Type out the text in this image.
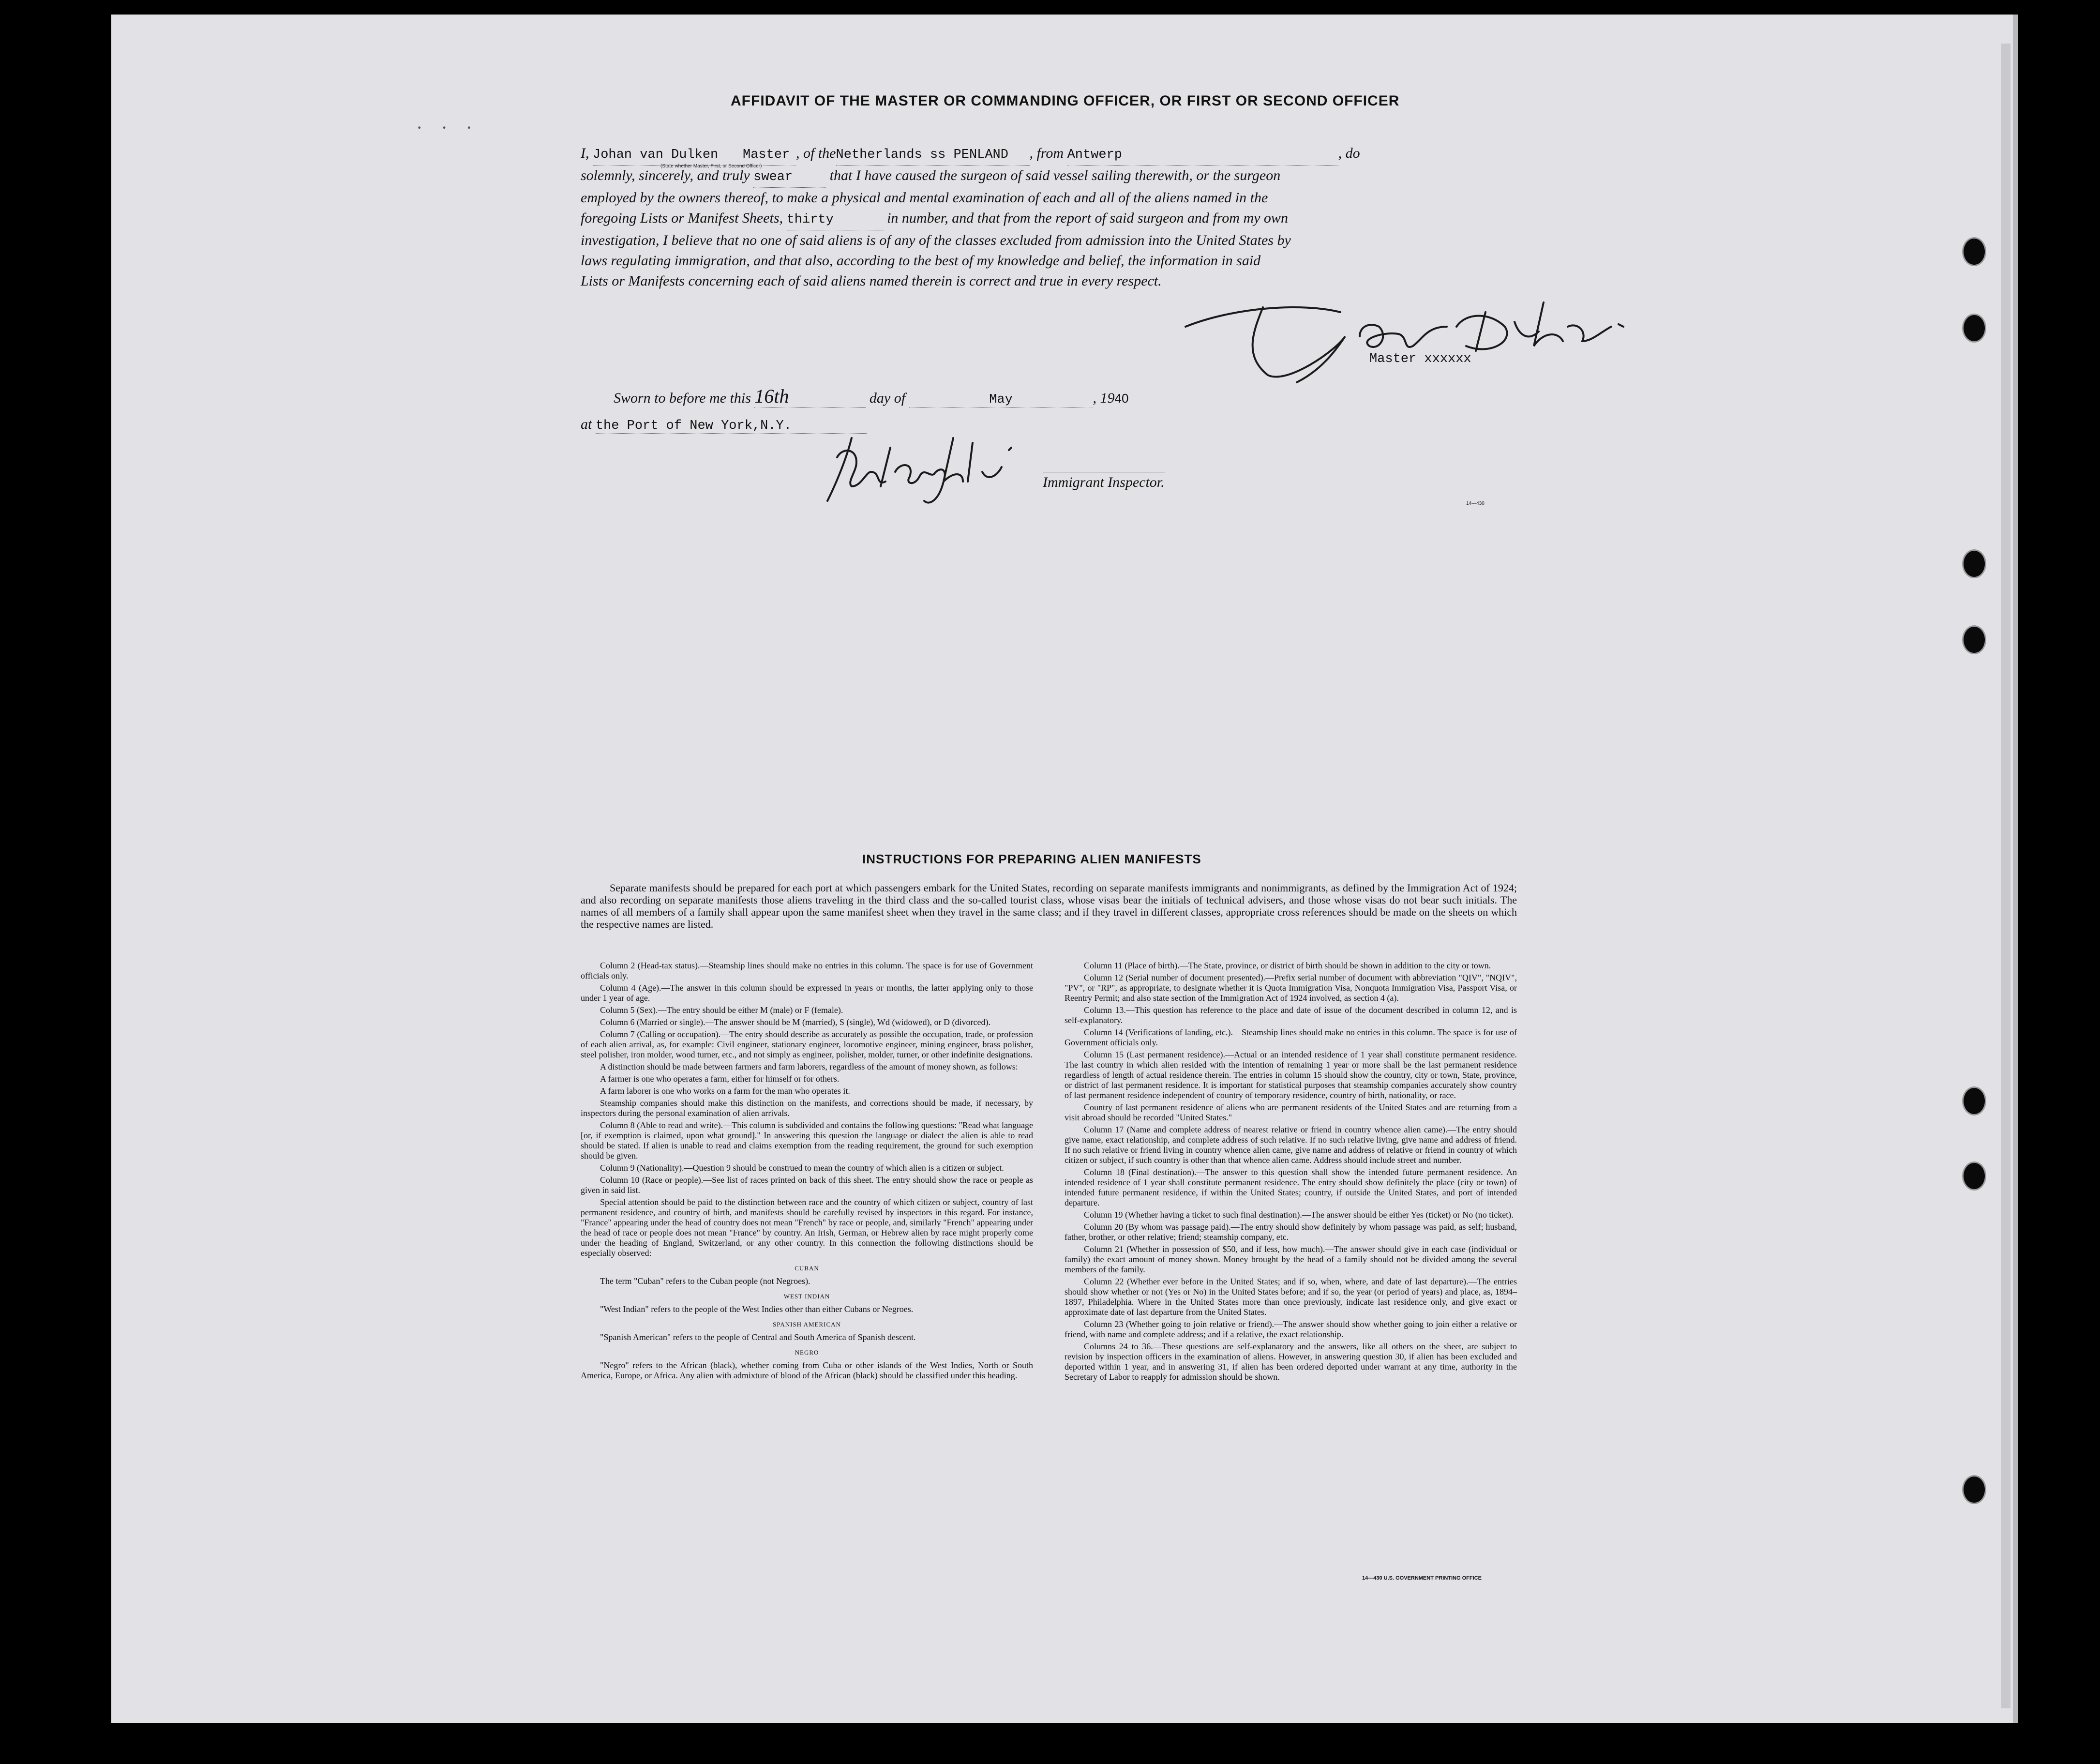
· · ·
AFFIDAVIT OF THE MASTER OR COMMANDING OFFICER, OR FIRST OR SECOND OFFICER
I, Johan van Dulken Master , of theNetherlands ss PENLAND , from Antwerp	, do
solemnly, sincerely, and truly swear	that I have caused the surgeon of said vessel sailing therewith, or the surgeon
employed by the owners thereof, to make a physical and mental examination of each and all of the aliens named in the
foregoing Lists or Manifest Sheets, thirty	in number, and that from the report of said surgeon and from my own
investigation, I believe that no one of said aliens is of any of the classes excluded from admission into the United States by
laws regulating immigration, and that also, according to the best of my knowledge and belief, the information in said
Lists or Manifests concerning each of said aliens named therein is correct and true in every respect.
(State whether Master, First, or Second Officer)
Master xxxxxx
Sworn to before me this 16th	day of	May	, 1940
at the Port of New York,N.Y.
Immigrant Inspector.
14—430
INSTRUCTIONS FOR PREPARING ALIEN MANIFESTS
Separate manifests should be prepared for each port at which passengers embark for the United States, recording on separate manifests immigrants and nonimmigrants, as defined by the Immigration Act of 1924; and also recording on separate manifests those aliens traveling in the third class and the so-called tourist class, whose visas bear the initials of technical advisers, and those whose visas do not bear such initials. The names of all members of a family shall appear upon the same manifest sheet when they travel in the same class; and if they travel in different classes, appropriate cross references should be made on the sheets on which the respective names are listed.

Column 2 (Head-tax status).—Steamship lines should make no entries in this column. The space is for use of Government officials only.

Column 4 (Age).—The answer in this column should be expressed in years or months, the latter applying only to those under 1 year of age.

Column 5 (Sex).—The entry should be either M (male) or F (female).

Column 6 (Married or single).—The answer should be M (married), S (single), Wd (widowed), or D (divorced).

Column 7 (Calling or occupation).—The entry should describe as accurately as possible the occupation, trade, or profession of each alien arrival, as, for example: Civil engineer, stationary engineer, locomotive engineer, mining engineer, brass polisher, steel polisher, iron molder, wood turner, etc., and not simply as engineer, polisher, molder, turner, or other indefinite designations.

A distinction should be made between farmers and farm laborers, regardless of the amount of money shown, as follows:

A farmer is one who operates a farm, either for himself or for others.

A farm laborer is one who works on a farm for the man who operates it.

Steamship companies should make this distinction on the manifests, and corrections should be made, if necessary, by inspectors during the personal examination of alien arrivals.

Column 8 (Able to read and write).—This column is subdivided and contains the following questions: "Read what language [or, if exemption is claimed, upon what ground]." In answering this question the language or dialect the alien is able to read should be stated. If alien is unable to read and claims exemption from the reading requirement, the ground for such exemption should be given.

Column 9 (Nationality).—Question 9 should be construed to mean the country of which alien is a citizen or subject.

Column 10 (Race or people).—See list of races printed on back of this sheet. The entry should show the race or people as given in said list.

Special attention should be paid to the distinction between race and the country of which citizen or subject, country of last permanent residence, and country of birth, and manifests should be carefully revised by inspectors in this regard. For instance, "France" appearing under the head of country does not mean "French" by race or people, and, similarly "French" appearing under the head of race or people does not mean "France" by country. An Irish, German, or Hebrew alien by race might properly come under the heading of England, Switzerland, or any other country. In this connection the following distinctions should be especially observed:

CUBAN

The term "Cuban" refers to the Cuban people (not Negroes).

WEST INDIAN

"West Indian" refers to the people of the West Indies other than either Cubans or Negroes.

SPANISH AMERICAN

"Spanish American" refers to the people of Central and South America of Spanish descent.

NEGRO

"Negro" refers to the African (black), whether coming from Cuba or other islands of the West Indies, North or South America, Europe, or Africa. Any alien with admixture of blood of the African (black) should be classified under this heading.

Column 11 (Place of birth).—The State, province, or district of birth should be shown in addition to the city or town.

Column 12 (Serial number of document presented).—Prefix serial number of document with abbreviation "QIV", "NQIV", "PV", or "RP", as appropriate, to designate whether it is Quota Immigration Visa, Nonquota Immigration Visa, Passport Visa, or Reentry Permit; and also state section of the Immigration Act of 1924 involved, as section 4 (a).

Column 13.—This question has reference to the place and date of issue of the document described in column 12, and is self-explanatory.

Column 14 (Verifications of landing, etc.).—Steamship lines should make no entries in this column. The space is for use of Government officials only.

Column 15 (Last permanent residence).—Actual or an intended residence of 1 year shall constitute permanent residence. The last country in which alien resided with the intention of remaining 1 year or more shall be the last permanent residence regardless of length of actual residence therein. The entries in column 15 should show the country, city or town, State, province, or district of last permanent residence. It is important for statistical purposes that steamship companies accurately show country of last permanent residence independent of country of temporary residence, country of birth, nationality, or race.

Country of last permanent residence of aliens who are permanent residents of the United States and are returning from a visit abroad should be recorded "United States."

Column 17 (Name and complete address of nearest relative or friend in country whence alien came).—The entry should give name, exact relationship, and complete address of such relative. If no such relative living, give name and address of friend. If no such relative or friend living in country whence alien came, give name and address of relative or friend in country of which citizen or subject, if such country is other than that whence alien came. Address should include street and number.

Column 18 (Final destination).—The answer to this question shall show the intended future permanent residence. An intended residence of 1 year shall constitute permanent residence. The entry should show definitely the place (city or town) of intended future permanent residence, if within the United States; country, if outside the United States, and port of intended departure.

Column 19 (Whether having a ticket to such final destination).—The answer should be either Yes (ticket) or No (no ticket).

Column 20 (By whom was passage paid).—The entry should show definitely by whom passage was paid, as self; husband, father, brother, or other relative; friend; steamship company, etc.

Column 21 (Whether in possession of $50, and if less, how much).—The answer should give in each case (individual or family) the exact amount of money shown. Money brought by the head of a family should not be divided among the several members of the family.

Column 22 (Whether ever before in the United States; and if so, when, where, and date of last departure).—The entries should show whether or not (Yes or No) in the United States before; and if so, the year (or period of years) and place, as, 1894–1897, Philadelphia. Where in the United States more than once previously, indicate last residence only, and give exact or approximate date of last departure from the United States.

Column 23 (Whether going to join relative or friend).—The answer should show whether going to join either a relative or friend, with name and complete address; and if a relative, the exact relationship.

Columns 24 to 36.—These questions are self-explanatory and the answers, like all others on the sheet, are subject to revision by inspection officers in the examination of aliens. However, in answering question 30, if alien has been excluded and deported within 1 year, and in answering 31, if alien has been ordered deported under warrant at any time, authority in the Secretary of Labor to reapply for admission should be shown.

14—430 U.S. GOVERNMENT PRINTING OFFICE
